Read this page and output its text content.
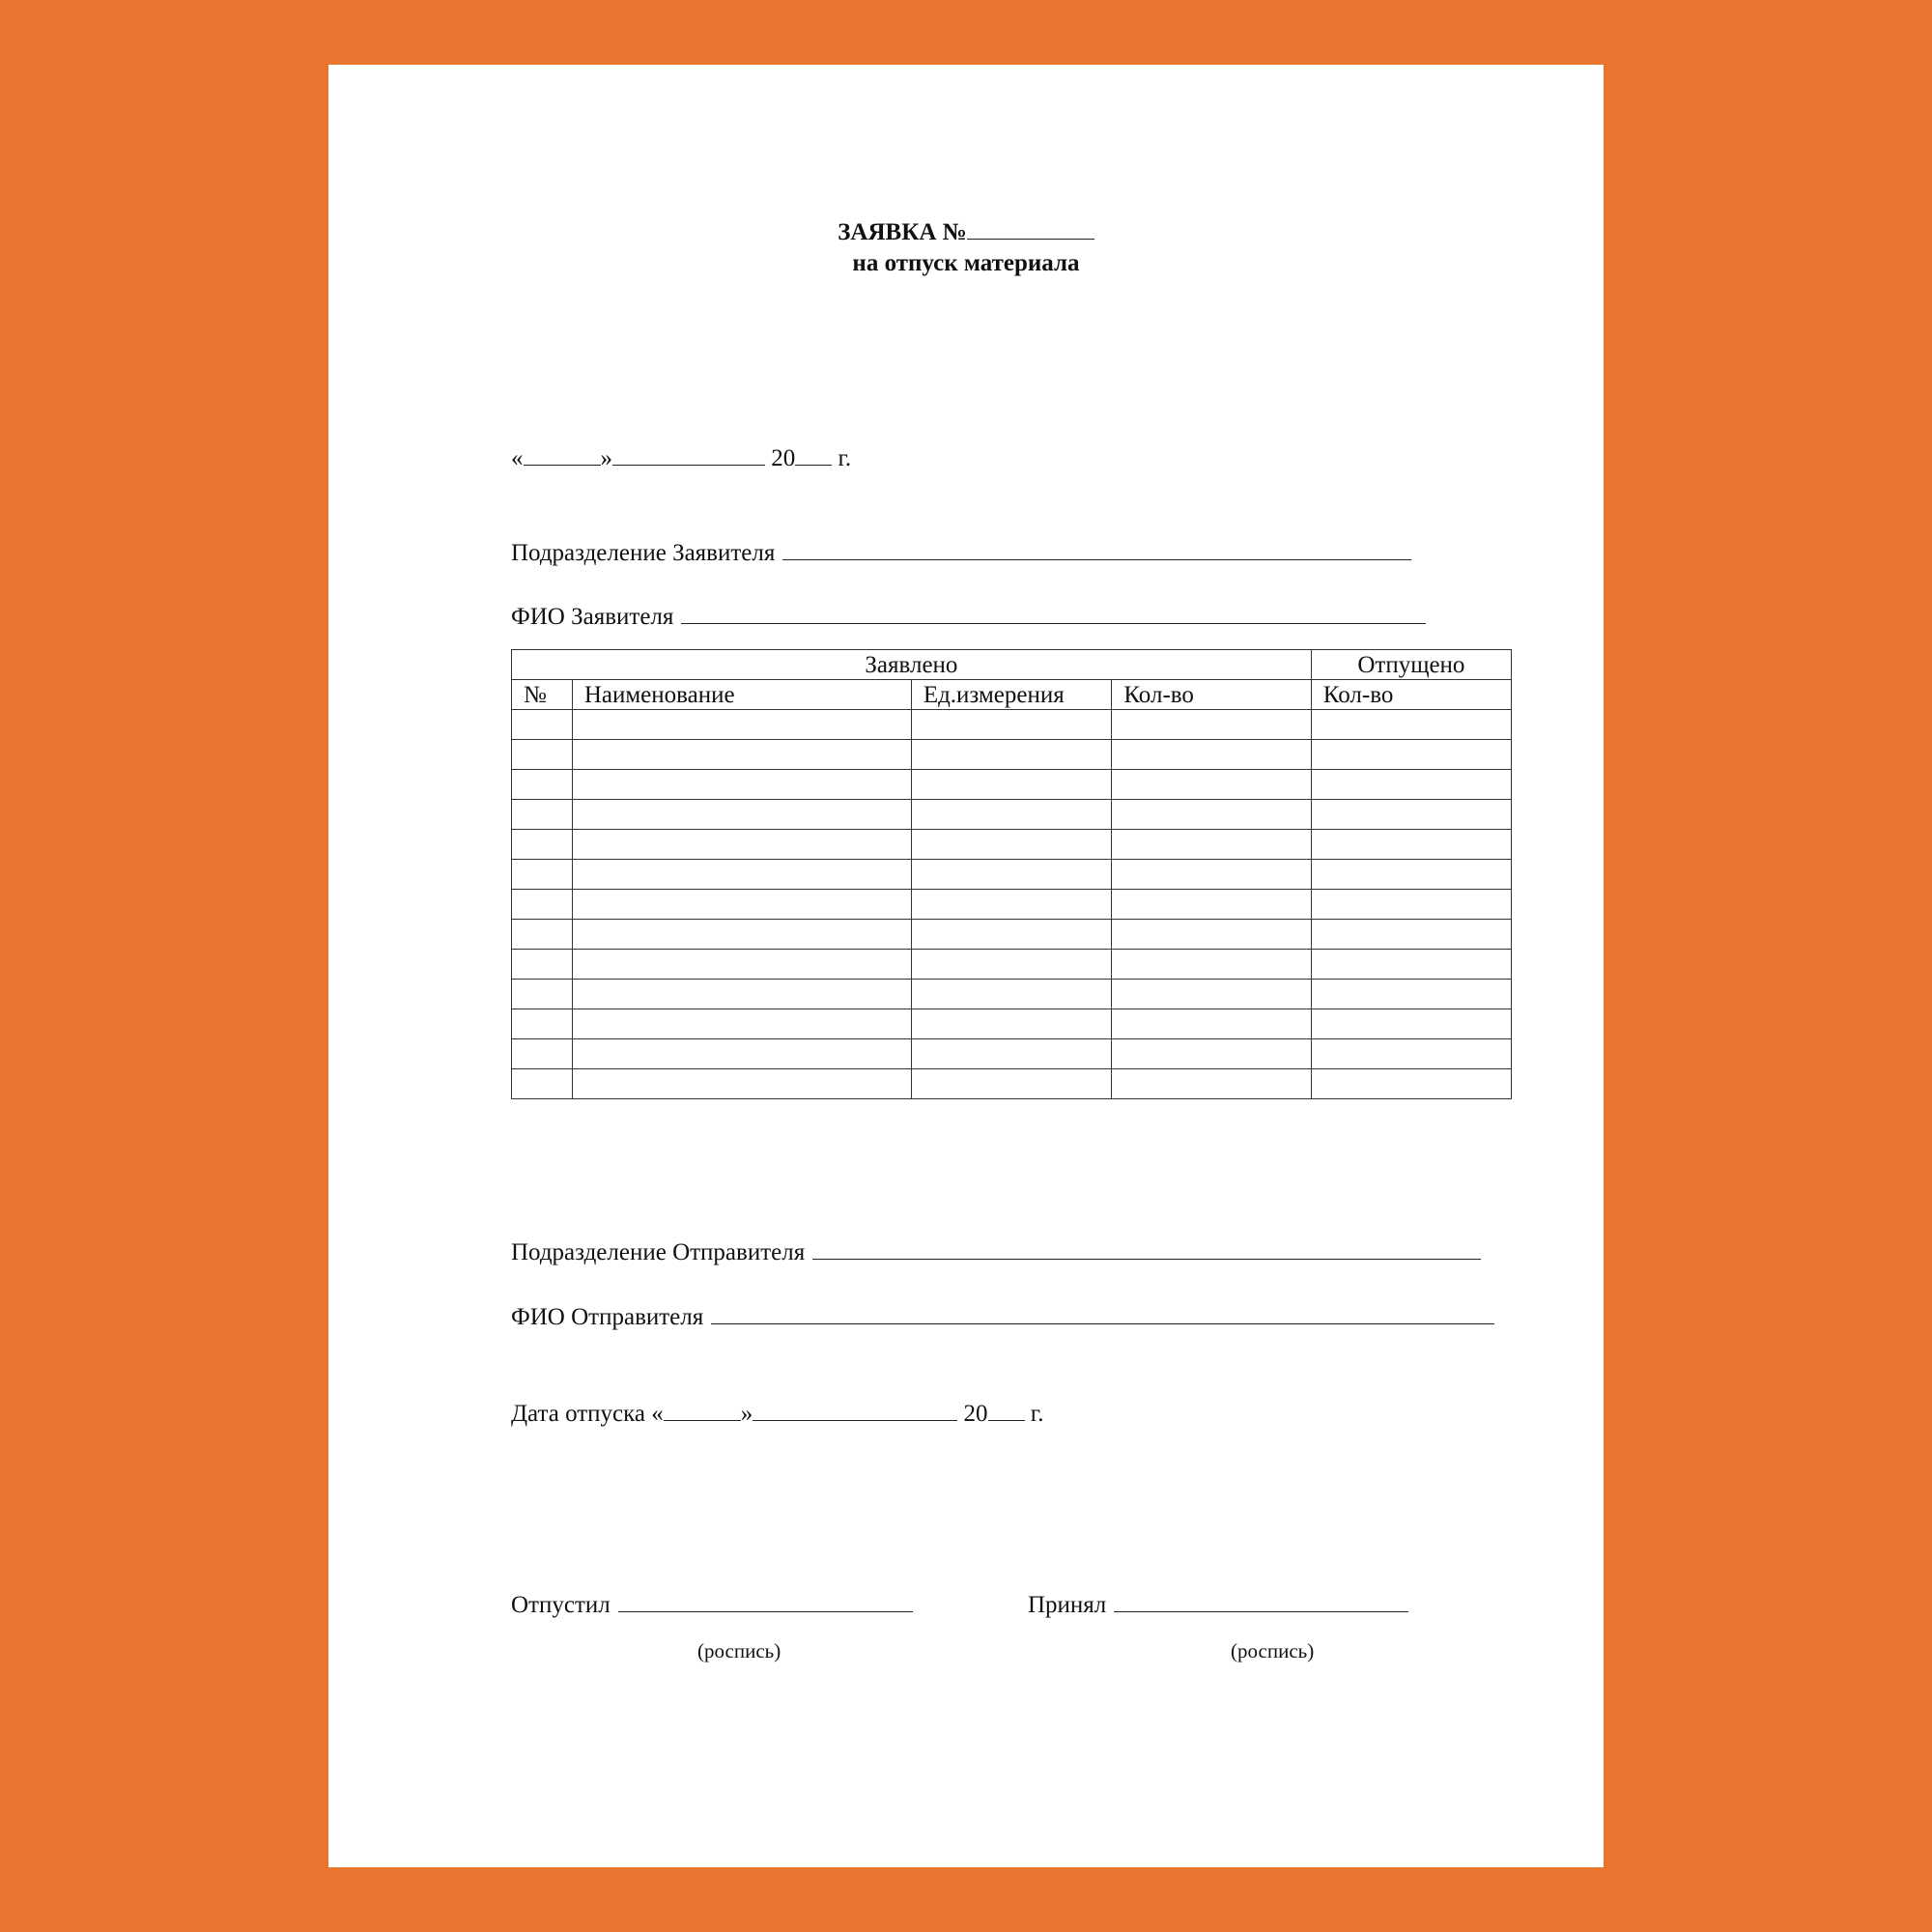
ЗАЯВКА №
на отпуск материала
«	»	20 г.
Подразделение Заявителя
ФИО Заявителя
Заявлено				Отпущено
№	Наименование	Ед.измерения	Кол-во	Кол-во

Подразделение Отправителя
ФИО Отправителя
Дата отпуска «	»	20 г.
Отпустил	Принял
(роспись)	(роспись)
